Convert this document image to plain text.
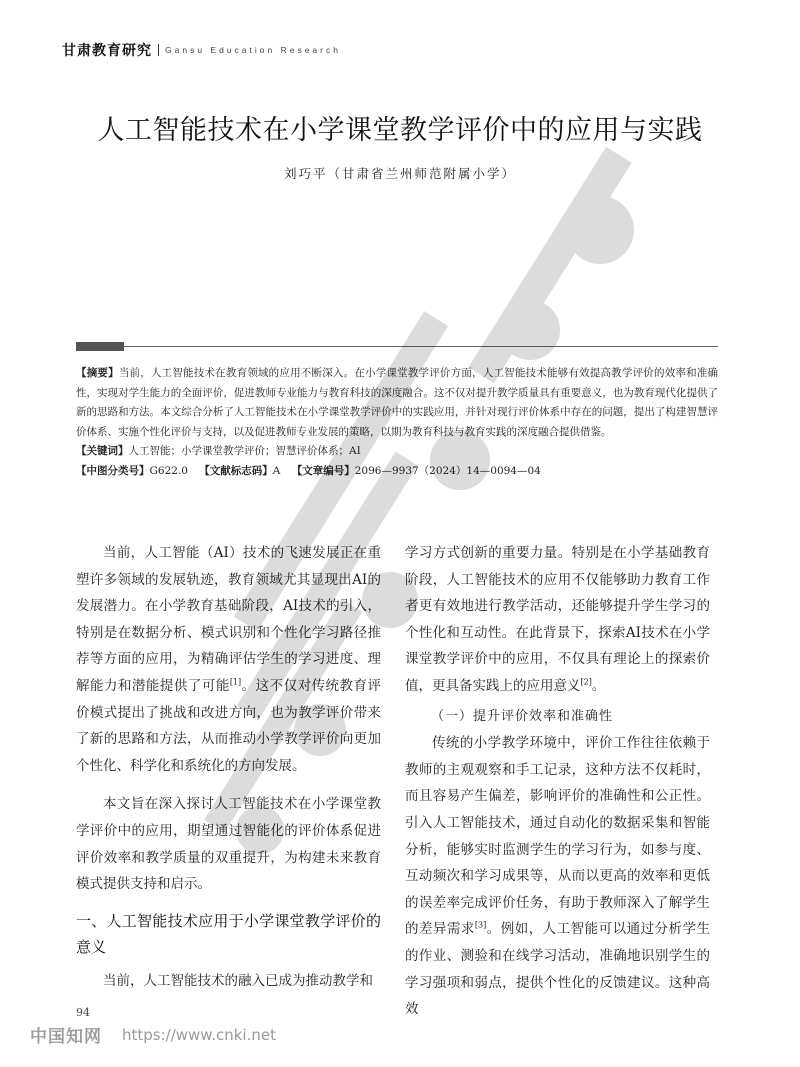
甘肃教育研究 Gansu Education Research
人工智能技术在小学课堂教学评价中的应用与实践
刘巧平（甘肃省兰州师范附属小学）

【摘要】当前，人工智能技术在教育领域的应用不断深入。在小学课堂教学评价方面，人工智能技术能够有效提高教学评价的效率和准确性，实现对学生能力的全面评价，促进教师专业能力与教育科技的深度融合。这不仅对提升教学质量具有重要意义，也为教育现代化提供了新的思路和方法。本文综合分析了人工智能技术在小学课堂教学评价中的实践应用，并针对现行评价体系中存在的问题，提出了构建智慧评价体系、实施个性化评价与支持，以及促进教师专业发展的策略，以期为教育科技与教育实践的深度融合提供借鉴。

【关键词】人工智能；小学课堂教学评价；智慧评价体系；AI

【中图分类号】G622.0 【文献标志码】A 【文章编号】2096—9937（2024）14—0094—04

当前，人工智能（AI）技术的飞速发展正在重塑许多领域的发展轨迹，教育领域尤其显现出AI的发展潜力。在小学教育基础阶段，AI技术的引入，特别是在数据分析、模式识别和个性化学习路径推荐等方面的应用，为精确评估学生的学习进度、理解能力和潜能提供了可能[1]。这不仅对传统教育评价模式提出了挑战和改进方向，也为教学评价带来了新的思路和方法，从而推动小学教学评价向更加个性化、科学化和系统化的方向发展。

本文旨在深入探讨人工智能技术在小学课堂教学评价中的应用，期望通过智能化的评价体系促进评价效率和教学质量的双重提升，为构建未来教育模式提供支持和启示。

一、人工智能技术应用于小学课堂教学评价的意义

当前，人工智能技术的融入已成为推动教学和

学习方式创新的重要力量。特别是在小学基础教育阶段，人工智能技术的应用不仅能够助力教育工作者更有效地进行教学活动，还能够提升学生学习的个性化和互动性。在此背景下，探索AI技术在小学课堂教学评价中的应用，不仅具有理论上的探索价值，更具备实践上的应用意义[2]。

（一）提升评价效率和准确性

传统的小学教学环境中，评价工作往往依赖于教师的主观观察和手工记录，这种方法不仅耗时，而且容易产生偏差，影响评价的准确性和公正性。引入人工智能技术，通过自动化的数据采集和智能分析，能够实时监测学生的学习行为，如参与度、互动频次和学习成果等，从而以更高的效率和更低的误差率完成评价任务，有助于教师深入了解学生的差异需求[3]。例如，人工智能可以通过分析学生的作业、测验和在线学习活动，准确地识别学生的学习强项和弱点，提供个性化的反馈建议。这种高效

94
中国知网 https://www.cnki.net
